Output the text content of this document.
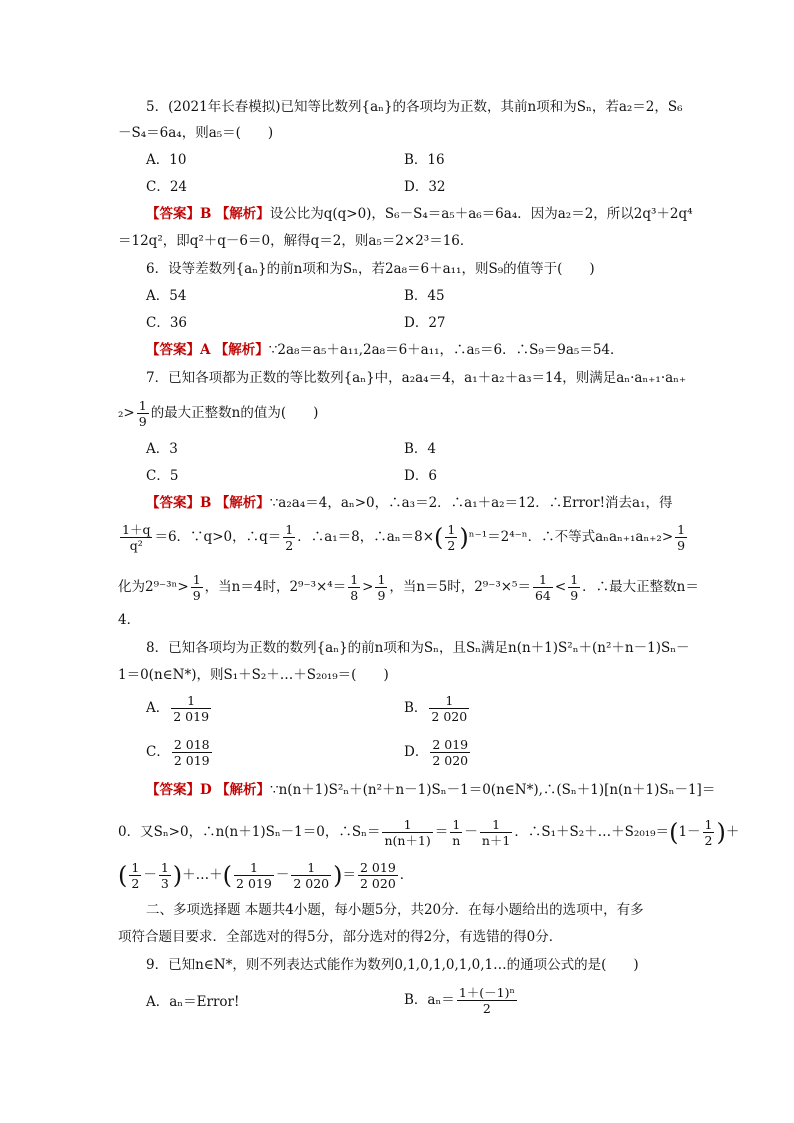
5．(2021年长春模拟)已知等比数列{aₙ}的各项均为正数，其前n项和为Sₙ，若a₂＝2，S₆
－S₄＝6a₄，则a₅＝(　　)
A．10	B．16
C．24	D．32
【答案】B 【解析】设公比为q(q>0)，S₆－S₄＝a₅＋a₆＝6a₄．因为a₂＝2，所以2q³＋2q⁴
＝12q²，即q²＋q－6＝0，解得q＝2，则a₅＝2×2³＝16．
6．设等差数列{aₙ}的前n项和为Sₙ，若2a₈＝6＋a₁₁，则S₉的值等于(　　)
A．54	B．45
C．36	D．27
【答案】A 【解析】∵2a₈＝a₅＋a₁₁,2a₈＝6＋a₁₁，∴a₅＝6．∴S₉＝9a₅＝54．
7．已知各项都为正数的等比数列{aₙ}中，a₂a₄＝4，a₁＋a₂＋a₃＝14，则满足aₙ·aₙ₊₁·aₙ₊
$_2> \frac{1}{9}$ 的最大正整数n的值为(　　)
A．3	B．4
C．5	D．6
【答案】B 【解析】∵a₂a₄＝4，aₙ>0，∴a₃＝2．∴a₁＋a₂＝12．∴Error!消去a₁，得
$\frac{1+q}{\text{q²}} =6$．∵q>0，∴q＝ $\frac{1}{2}$ ．∴a₁＝8，∴aₙ＝8×( $\frac{1}{2} )^{n-1}=2^{4-n}$．∴不等式$a_na_{n+1}a_{n+2}> \frac{1}{9}$
化为$2^{9-3n}> \frac{1}{9}$ ，当n＝4时，$2^{9-3}\times^4= \frac{1}{8} > \frac{1}{9}$ ，当n＝5时，$2^{9-3}\times^5= \frac{1}{64} < \frac{1}{9}$ ．∴最大正整数n＝
4．
8．已知各项均为正数的数列{aₙ}的前n项和为Sₙ，且Sₙ满足n(n＋1)S²ₙ＋(n²＋n－1)Sₙ－
1＝0(n∈N*)，则S₁＋S₂＋…＋S₂₀₁₉＝(　　)
A． $\frac{1}{2 019}$	B． $\frac{1}{2 020}$
C． $\frac{2 018}{2 019}$	D． $\frac{2 019}{2 020}$
【答案】D 【解析】∵n(n＋1)S²ₙ＋(n²＋n－1)Sₙ－1＝0(n∈N*),∴(Sₙ＋1)[n(n＋1)Sₙ－1]＝
0．又Sₙ>0，∴n(n＋1)Sₙ－1＝0，∴Sₙ＝ $\frac{1}{n(n+1)} = \frac{1}{n} - \frac{1}{n+1}$ ．∴S₁＋S₂＋…＋S₂₀₁₉＝(1－ $\frac{1}{2}$ )＋
( $\frac{1}{2} - \frac{1}{3}$ )＋…＋( $\frac{1}{2 019} - \frac{1}{2 020}$ )＝ $\frac{2 019}{2 020}$ ．
二、多项选择题 本题共4小题，每小题5分，共20分．在每小题给出的选项中，有多
项符合题目要求．全部选对的得5分，部分选对的得2分，有选错的得0分．
9．已知n∈N*，则不列表达式能作为数列0,1,0,1,0,1,0,1…的通项公式的是(　　)
A．aₙ＝Error!	B．$a_n= \frac{\text{1＋(－1)ⁿ}}{2}$
